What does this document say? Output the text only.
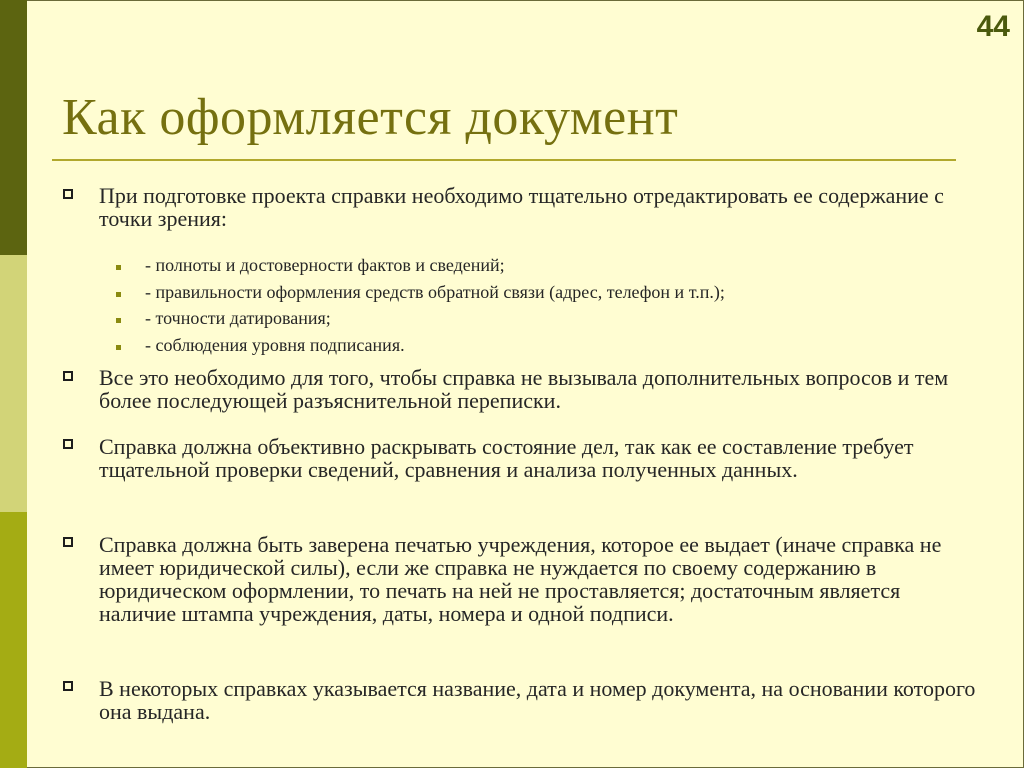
44
Как оформляется документ
При подготовке проекта справки необходимо тщательно отредактировать ее содержание с точки зрения:
- полноты и достоверности фактов и сведений;
- правильности оформления средств обратной связи (адрес, телефон и т.п.);
- точности датирования;
- соблюдения уровня подписания.
Все это необходимо для того, чтобы справка не вызывала дополнительных вопросов и тем более последующей разъяснительной переписки.
Справка должна объективно раскрывать состояние дел, так как ее составление требует тщательной проверки сведений, сравнения и анализа полученных данных.
Справка должна быть заверена печатью учреждения, которое ее выдает (иначе справка не имеет юридической силы), если же справка не нуждается по своему содержанию в юридическом оформлении, то печать на ней не проставляется; достаточным является наличие штампа учреждения, даты, номера и одной подписи.
В некоторых справках указывается название, дата и номер документа, на основании которого она выдана.
